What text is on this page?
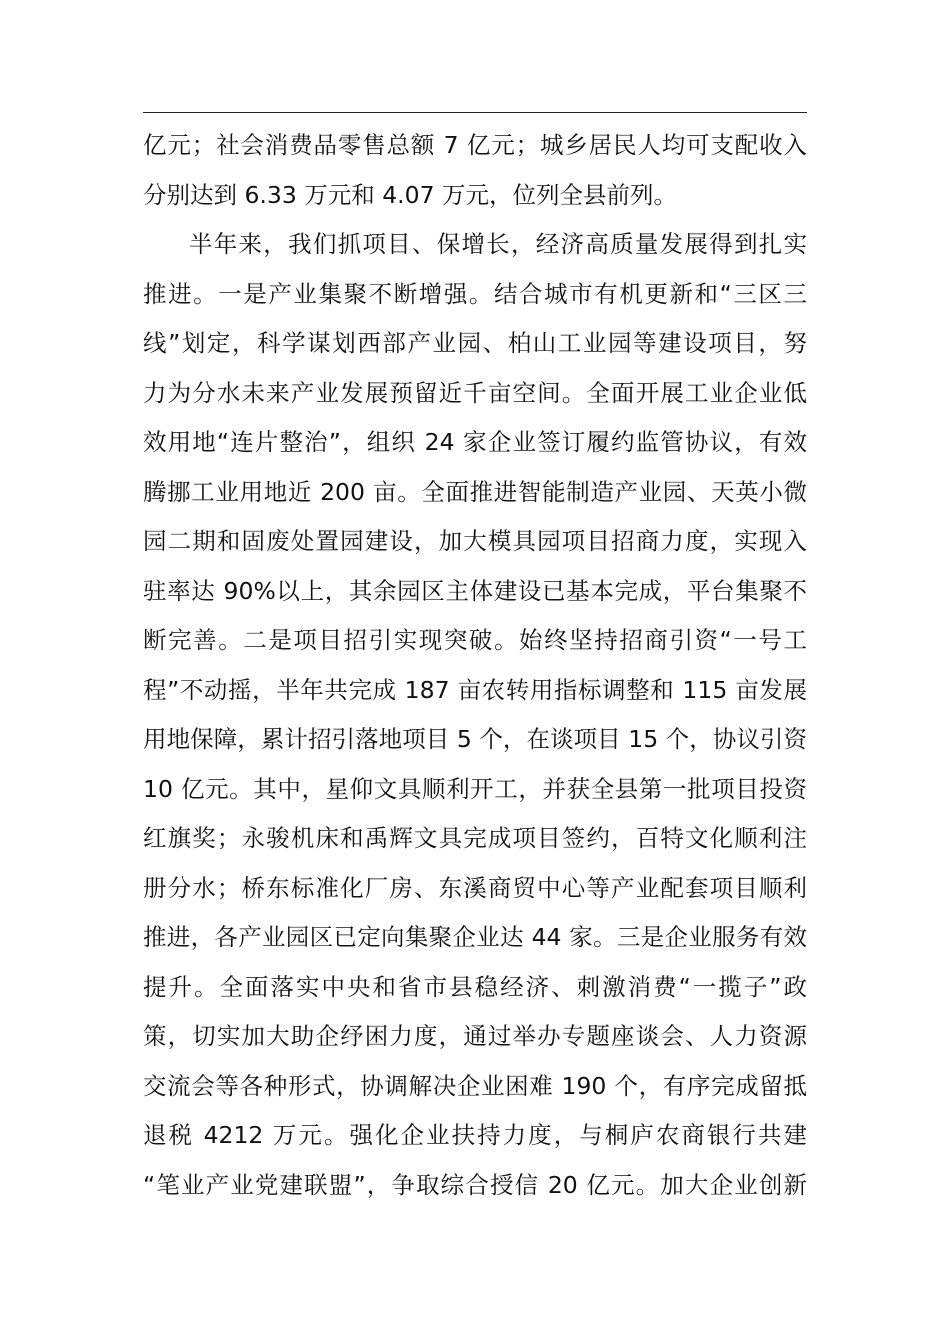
亿元；社会消费品零售总额 7 亿元；城乡居民人均可支配收入
分别达到 6.33 万元和 4.07 万元，位列全县前列。
半年来，我们抓项目、保增长，经济高质量发展得到扎实
推进。一是产业集聚不断增强。结合城市有机更新和“三区三
线”划定，科学谋划西部产业园、柏山工业园等建设项目，努
力为分水未来产业发展预留近千亩空间。全面开展工业企业低
效用地“连片整治”，组织 24 家企业签订履约监管协议，有效
腾挪工业用地近 200 亩。全面推进智能制造产业园、天英小微
园二期和固废处置园建设，加大模具园项目招商力度，实现入
驻率达 90%以上，其余园区主体建设已基本完成，平台集聚不
断完善。二是项目招引实现突破。始终坚持招商引资“一号工
程”不动摇，半年共完成 187 亩农转用指标调整和 115 亩发展
用地保障，累计招引落地项目 5 个，在谈项目 15 个，协议引资
10 亿元。其中，星仰文具顺利开工，并获全县第一批项目投资
红旗奖；永骏机床和禹辉文具完成项目签约，百特文化顺利注
册分水；桥东标准化厂房、东溪商贸中心等产业配套项目顺利
推进，各产业园区已定向集聚企业达 44 家。三是企业服务有效
提升。全面落实中央和省市县稳经济、刺激消费“一揽子”政
策，切实加大助企纾困力度，通过举办专题座谈会、人力资源
交流会等各种形式，协调解决企业困难 190 个，有序完成留抵
退税 4212 万元。强化企业扶持力度，与桐庐农商银行共建
“笔业产业党建联盟”，争取综合授信 20 亿元。加大企业创新
